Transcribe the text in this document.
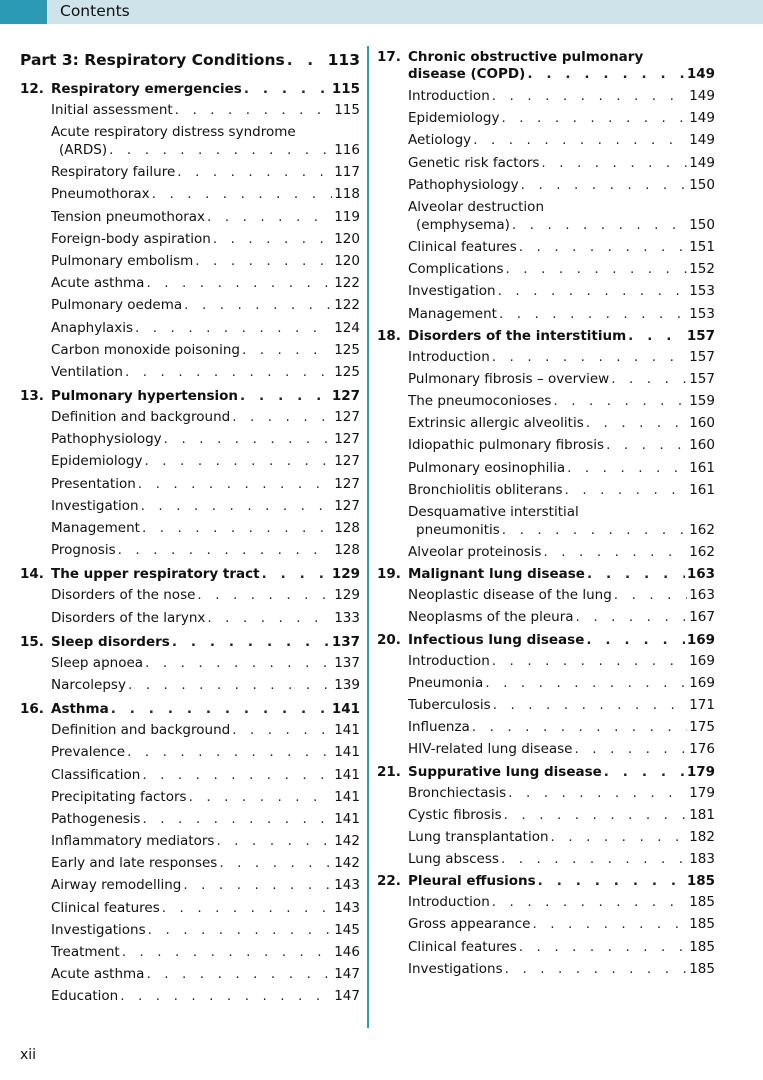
Contents
Part 3: Respiratory Conditions . . .	113
12. Respiratory emergencies . . .	115
Initial assessment . . .	115
Acute respiratory distress syndrome
(ARDS) . . .	116
Respiratory failure . . .	117
Pneumothorax . . .	118
Tension pneumothorax . . .	119
Foreign-body aspiration . . .	120
Pulmonary embolism . . .	120
Acute asthma . . .	122
Pulmonary oedema . . .	122
Anaphylaxis . . .	124
Carbon monoxide poisoning . . .	125
Ventilation . . .	125
13. Pulmonary hypertension . . .	127
Definition and background . . .	127
Pathophysiology . . .	127
Epidemiology . . .	127
Presentation . . .	127
Investigation . . .	127
Management . . .	128
Prognosis . . .	128
14. The upper respiratory tract . . .	129
Disorders of the nose . . .	129
Disorders of the larynx . . .	133
15. Sleep disorders . . .	137
Sleep apnoea . . .	137
Narcolepsy . . .	139
16. Asthma . . .	141
Definition and background . . .	141
Prevalence . . .	141
Classification . . .	141
Precipitating factors . . .	141
Pathogenesis . . .	141
Inflammatory mediators . . .	142
Early and late responses . . .	142
Airway remodelling . . .	143
Clinical features . . .	143
Investigations . . .	145
Treatment . . .	146
Acute asthma . . .	147
Education . . .	147
17. Chronic obstructive pulmonary
disease (COPD) . . .	149
Introduction . . .	149
Epidemiology . . .	149
Aetiology . . .	149
Genetic risk factors . . .	149
Pathophysiology . . .	150
Alveolar destruction
(emphysema) . . .	150
Clinical features . . .	151
Complications . . .	152
Investigation . . .	153
Management . . .	153
18. Disorders of the interstitium . . .	157
Introduction . . .	157
Pulmonary fibrosis – overview . . .	157
The pneumoconioses . . .	159
Extrinsic allergic alveolitis . . .	160
Idiopathic pulmonary fibrosis . . .	160
Pulmonary eosinophilia . . .	161
Bronchiolitis obliterans . . .	161
Desquamative interstitial
pneumonitis . . .	162
Alveolar proteinosis . . .	162
19. Malignant lung disease . . .	163
Neoplastic disease of the lung . . .	163
Neoplasms of the pleura . . .	167
20. Infectious lung disease . . .	169
Introduction . . .	169
Pneumonia . . .	169
Tuberculosis . . .	171
Influenza . . .	175
HIV-related lung disease . . .	176
21. Suppurative lung disease . . .	179
Bronchiectasis . . .	179
Cystic fibrosis . . .	181
Lung transplantation . . .	182
Lung abscess . . .	183
22. Pleural effusions . . .	185
Introduction . . .	185
Gross appearance . . .	185
Clinical features . . .	185
Investigations . . .	185
xii
